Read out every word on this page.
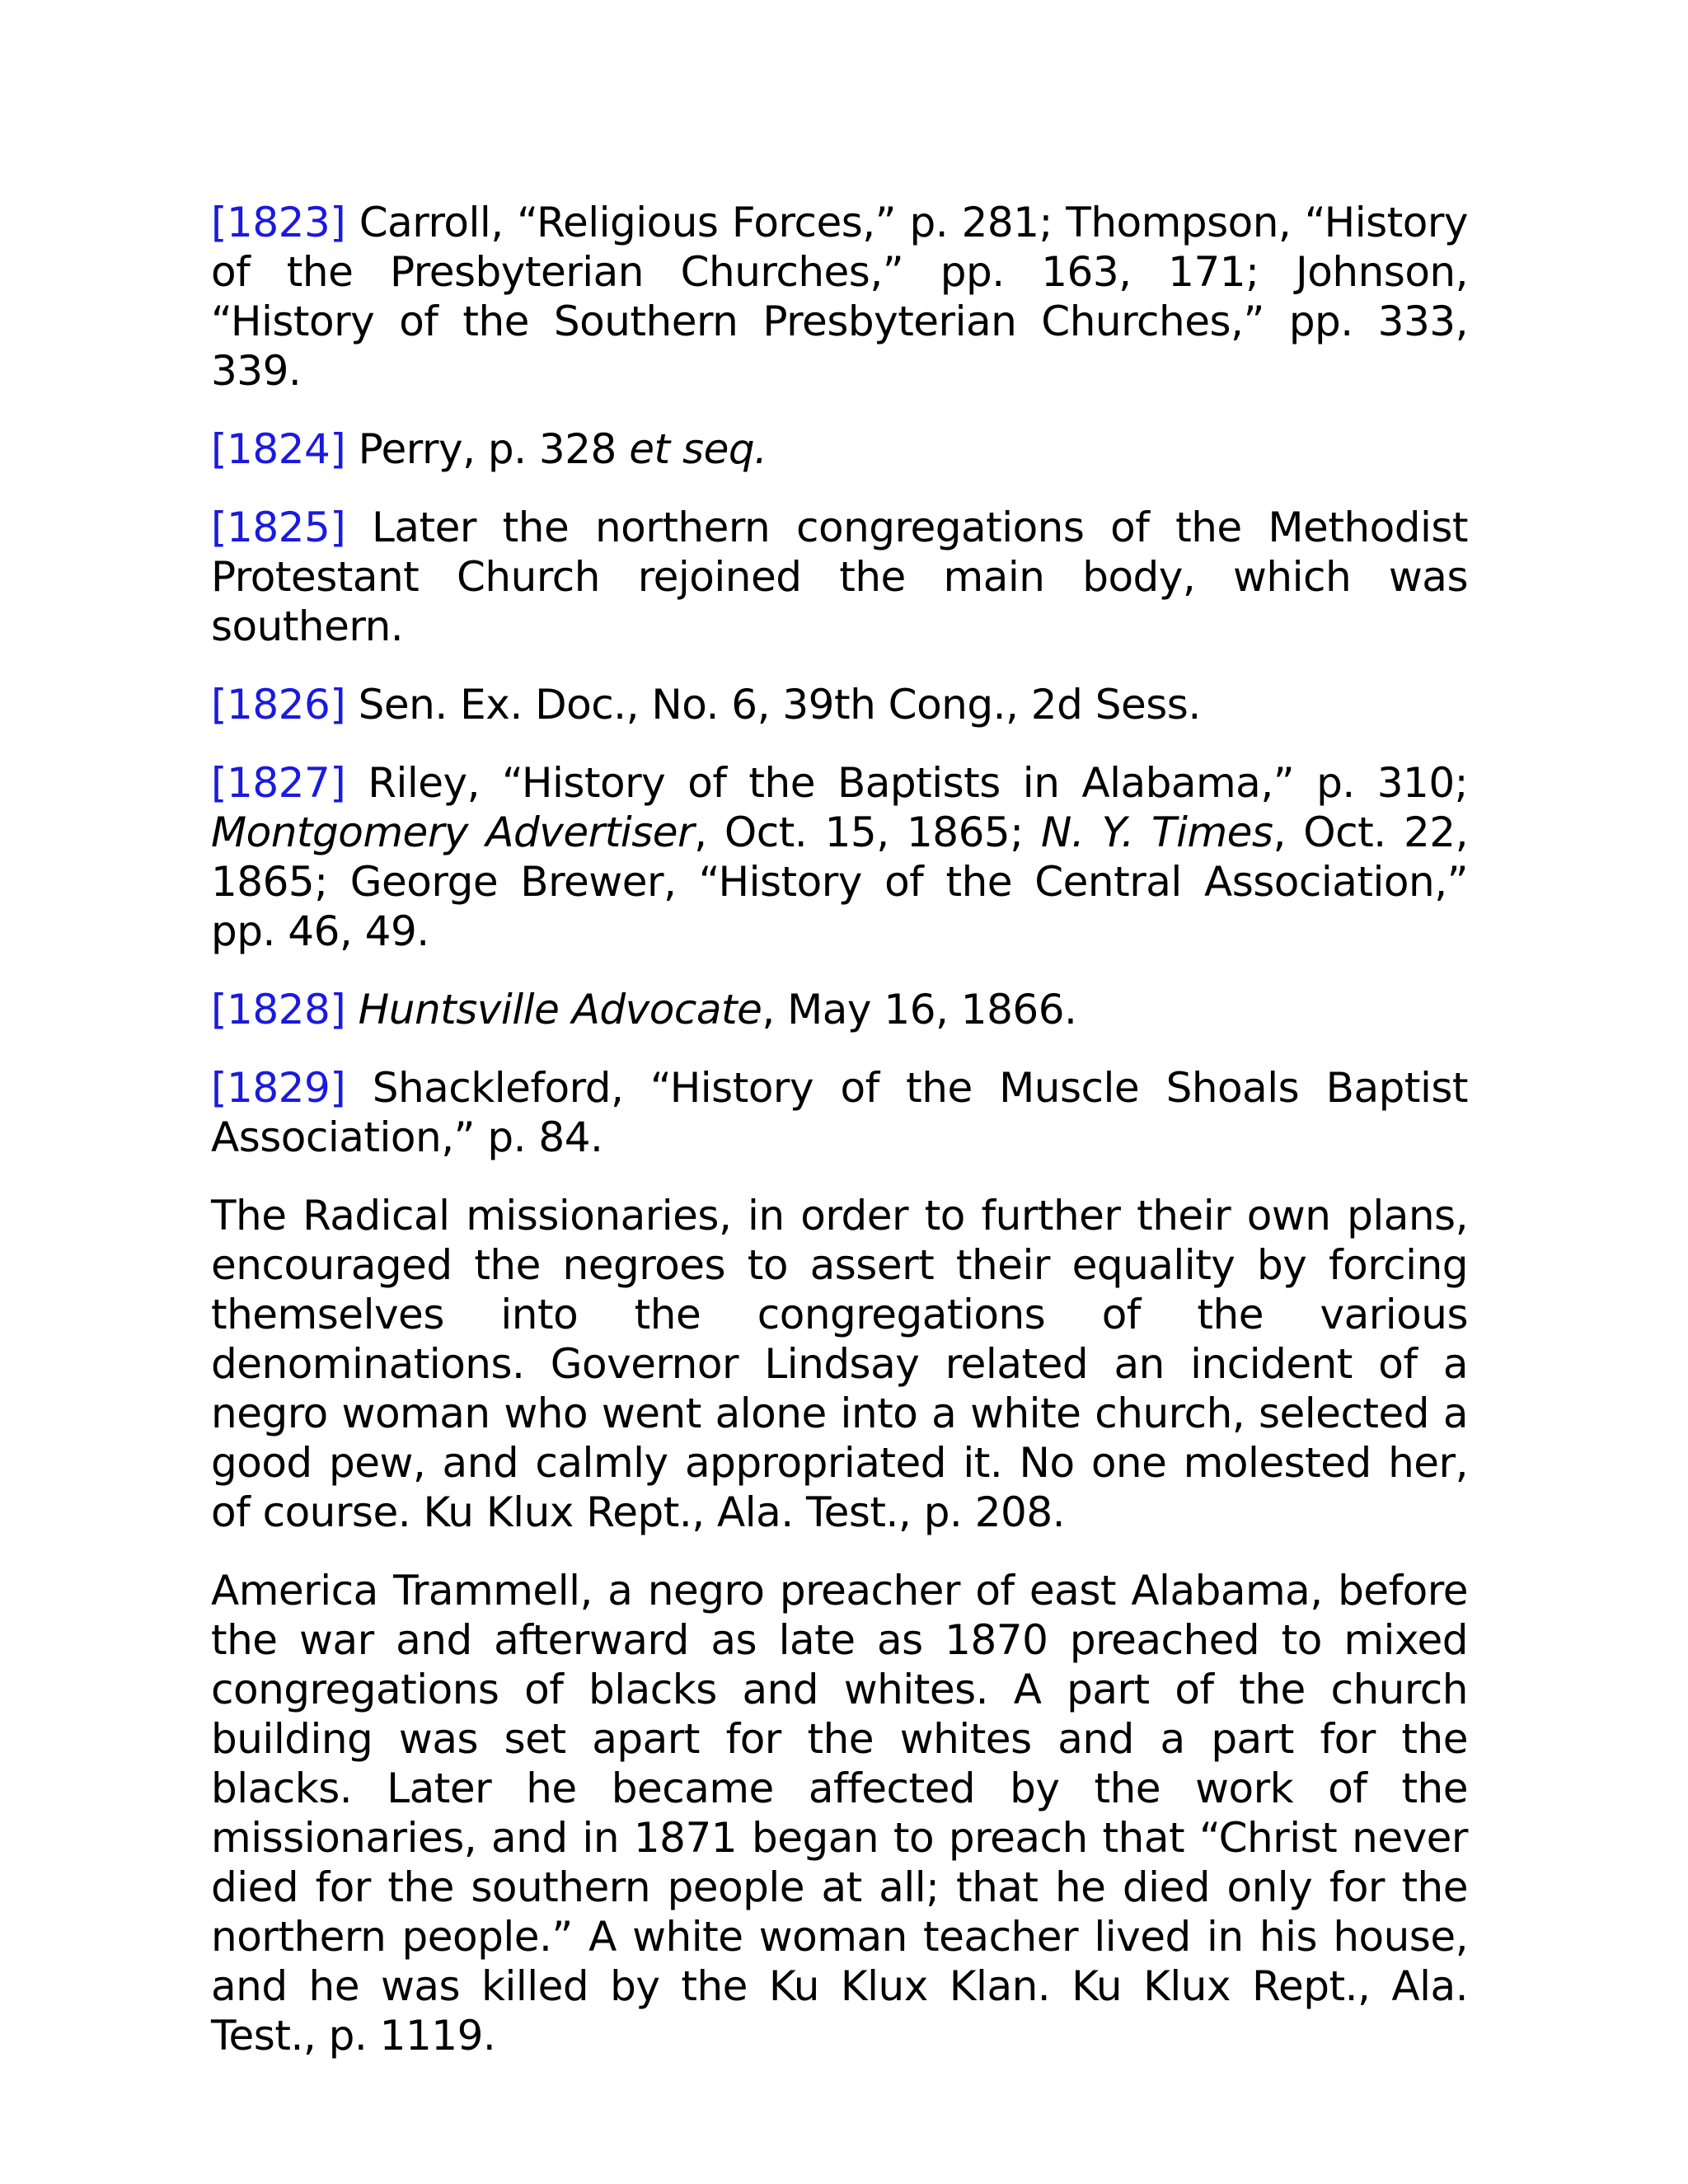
[1823] Carroll, “Religious Forces,” p. 281; Thompson, “History of the Presbyterian Churches,” pp. 163, 171; Johnson, “History of the Southern Presbyterian Churches,” pp. 333, 339.

[1824] Perry, p. 328 et seq.

[1825] Later the northern congregations of the Methodist Protestant Church rejoined the main body, which was southern.

[1826] Sen. Ex. Doc., No. 6, 39th Cong., 2d Sess.

[1827] Riley, “History of the Baptists in Alabama,” p. 310; Montgomery Advertiser, Oct. 15, 1865; N. Y. Times, Oct. 22, 1865; George Brewer, “History of the Central Association,” pp. 46, 49.

[1828] Huntsville Advocate, May 16, 1866.

[1829] Shackleford, “History of the Muscle Shoals Baptist Association,” p. 84.

The Radical missionaries, in order to further their own plans, encouraged the negroes to assert their equality by forcing themselves into the congregations of the various denominations. Governor Lindsay related an incident of a negro woman who went alone into a white church, selected a good pew, and calmly appropriated it. No one molested her, of course. Ku Klux Rept., Ala. Test., p. 208.

America Trammell, a negro preacher of east Alabama, before the war and afterward as late as 1870 preached to mixed congregations of blacks and whites. A part of the church building was set apart for the whites and a part for the blacks. Later he became affected by the work of the missionaries, and in 1871 began to preach that “Christ never died for the southern people at all; that he died only for the northern people.” A white woman teacher lived in his house, and he was killed by the Ku Klux Klan. Ku Klux Rept., Ala. Test., p. 1119.
